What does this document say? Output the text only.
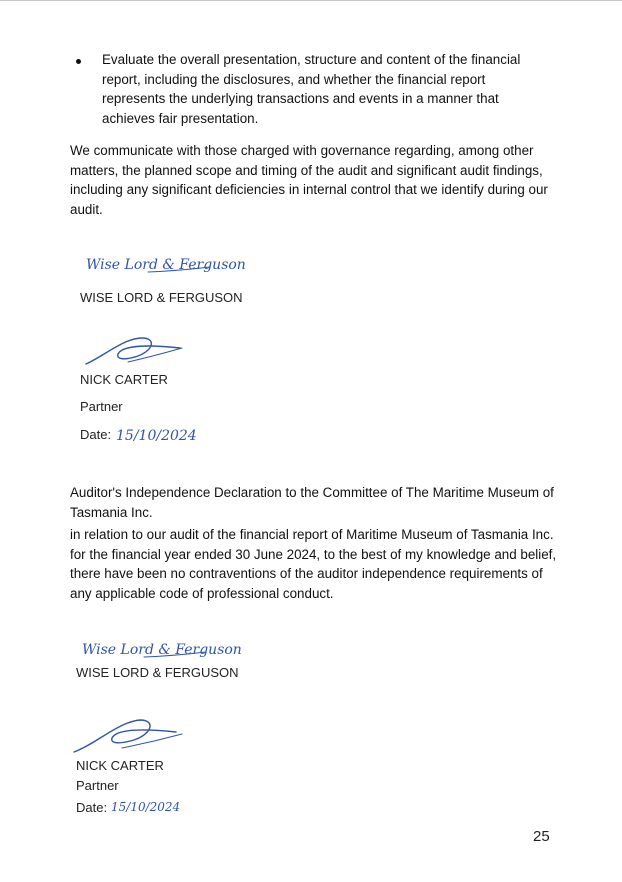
Evaluate the overall presentation, structure and content of the financial report, including the disclosures, and whether the financial report represents the underlying transactions and events in a manner that achieves fair presentation.
We communicate with those charged with governance regarding, among other matters, the planned scope and timing of the audit and significant audit findings, including any significant deficiencies in internal control that we identify during our audit.
Wise Lord & Ferguson
WISE LORD & FERGUSON
NICK CARTER
Partner
Date: 15/10/2024
Auditor's Independence Declaration to the Committee of The Maritime Museum of Tasmania Inc.
in relation to our audit of the financial report of Maritime Museum of Tasmania Inc. for the financial year ended 30 June 2024, to the best of my knowledge and belief, there have been no contraventions of the auditor independence requirements of any applicable code of professional conduct.
Wise Lord & Ferguson
WISE LORD & FERGUSON
NICK CARTER
Partner
Date: 15/10/2024
25
